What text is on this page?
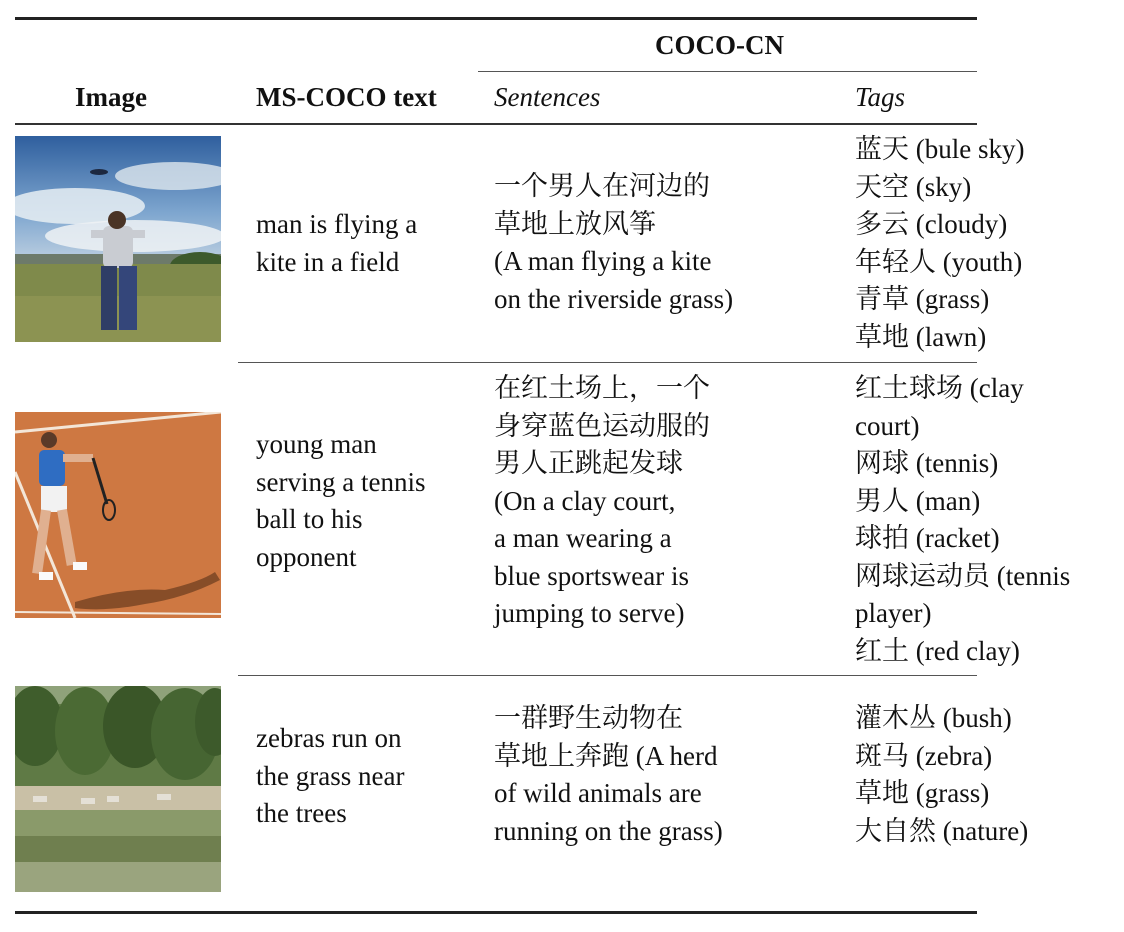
COCO-CN
Image	MS-COCO text Sentences	Tags
man is flying a
kite in a field
一个男人在河边的
草地上放风筝
(A man flying a kite
on the riverside grass)
蓝天 (bule sky)
天空 (sky)
多云 (cloudy)
年轻人 (youth)
青草 (grass)
草地 (lawn)
young man
serving a tennis
ball to his
opponent
在红土场上，一个
身穿蓝色运动服的
男人正跳起发球
(On a clay court,
a man wearing a
blue sportswear is
jumping to serve)
红土球场 (clay
court)
网球 (tennis)
男人 (man)
球拍 (racket)
网球运动员 (tennis
player)
红土 (red clay)
zebras run on
the grass near
the trees
一群野生动物在
草地上奔跑 (A herd
of wild animals are
running on the grass)
灌木丛 (bush)
斑马 (zebra)
草地 (grass)
大自然 (nature)
